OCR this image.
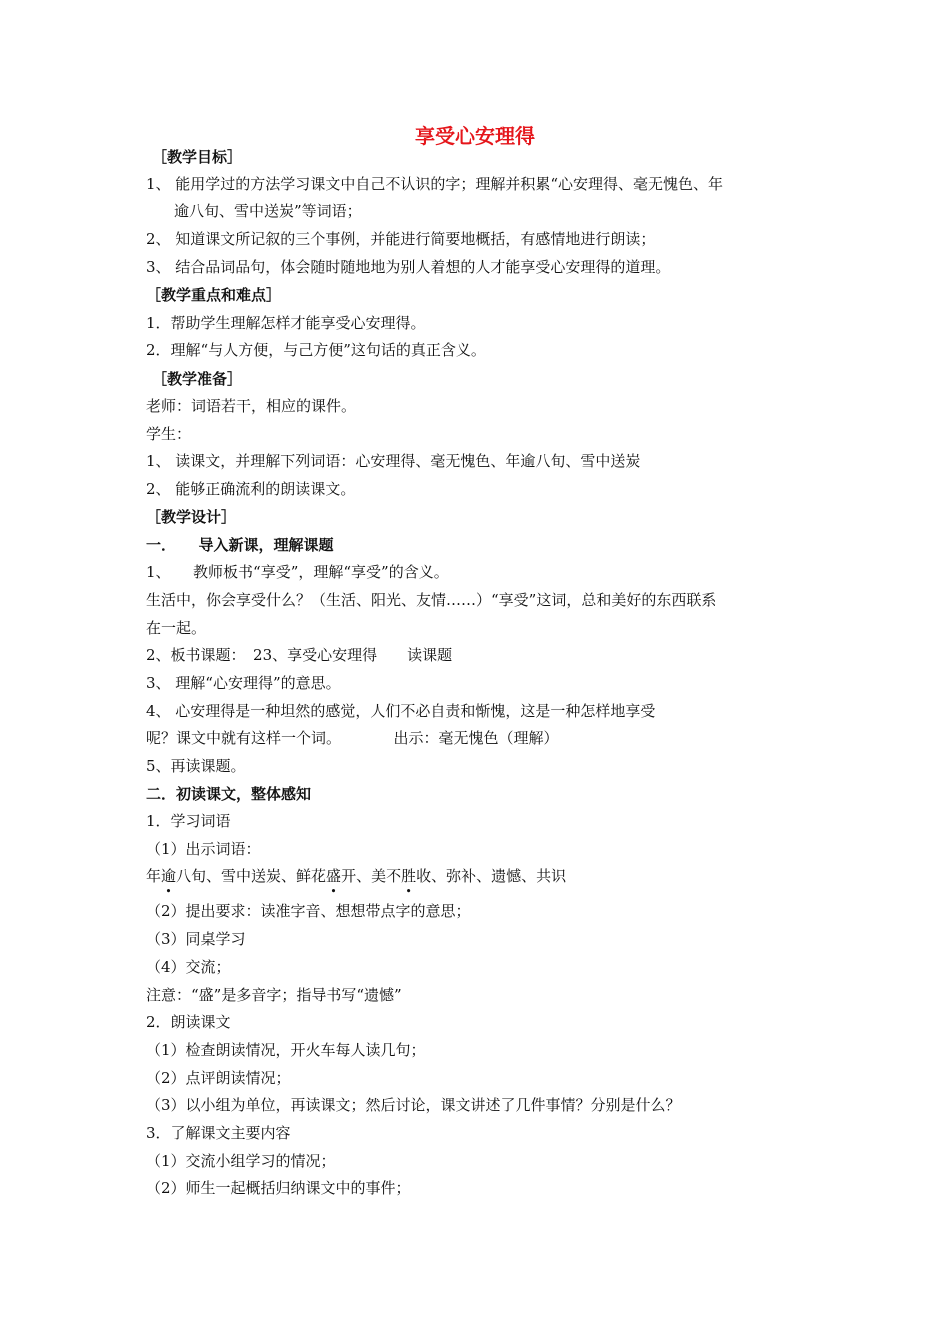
享受心安理得
［教学目标］
1、 能用学过的方法学习课文中自己不认识的字；理解并积累“心安理得、毫无愧色、年
逾八旬、雪中送炭”等词语；
2、 知道课文所记叙的三个事例，并能进行简要地概括，有感情地进行朗读；
3、 结合品词品句，体会随时随地地为别人着想的人才能享受心安理得的道理。
［教学重点和难点］
1．帮助学生理解怎样才能享受心安理得。
2．理解“与人方便，与己方便”这句话的真正含义。
［教学准备］
老师：词语若干，相应的课件。
学生：
1、 读课文，并理解下列词语：心安理得、毫无愧色、年逾八旬、雪中送炭
2、 能够正确流利的朗读课文。
［教学设计］
一．　　导入新课，理解课题
1、　　教师板书“享受”，理解“享受”的含义。
生活中，你会享受什么？（生活、阳光、友情……）“享受”这词，总和美好的东西联系
在一起。
2、板书课题：　23、享受心安理得　　读课题
3、 理解“心安理得”的意思。
4、 心安理得是一种坦然的感觉，人们不必自责和惭愧，这是一种怎样地享受
呢？课文中就有这样一个词。　　　　出示：毫无愧色（理解）
5、再读课题。
二．初读课文，整体感知
1．学习词语
（1）出示词语：
年逾八旬、雪中送炭、鲜花盛开、美不胜收、弥补、遗憾、共识
（2）提出要求：读准字音、想想带点字的意思；
（3）同桌学习
（4）交流；
注意：“盛”是多音字；指导书写“遗憾”
2．朗读课文
（1）检查朗读情况，开火车每人读几句；
（2）点评朗读情况；
（3）以小组为单位，再读课文；然后讨论，课文讲述了几件事情？分别是什么？
3．了解课文主要内容
（1）交流小组学习的情况；
（2）师生一起概括归纳课文中的事件；
